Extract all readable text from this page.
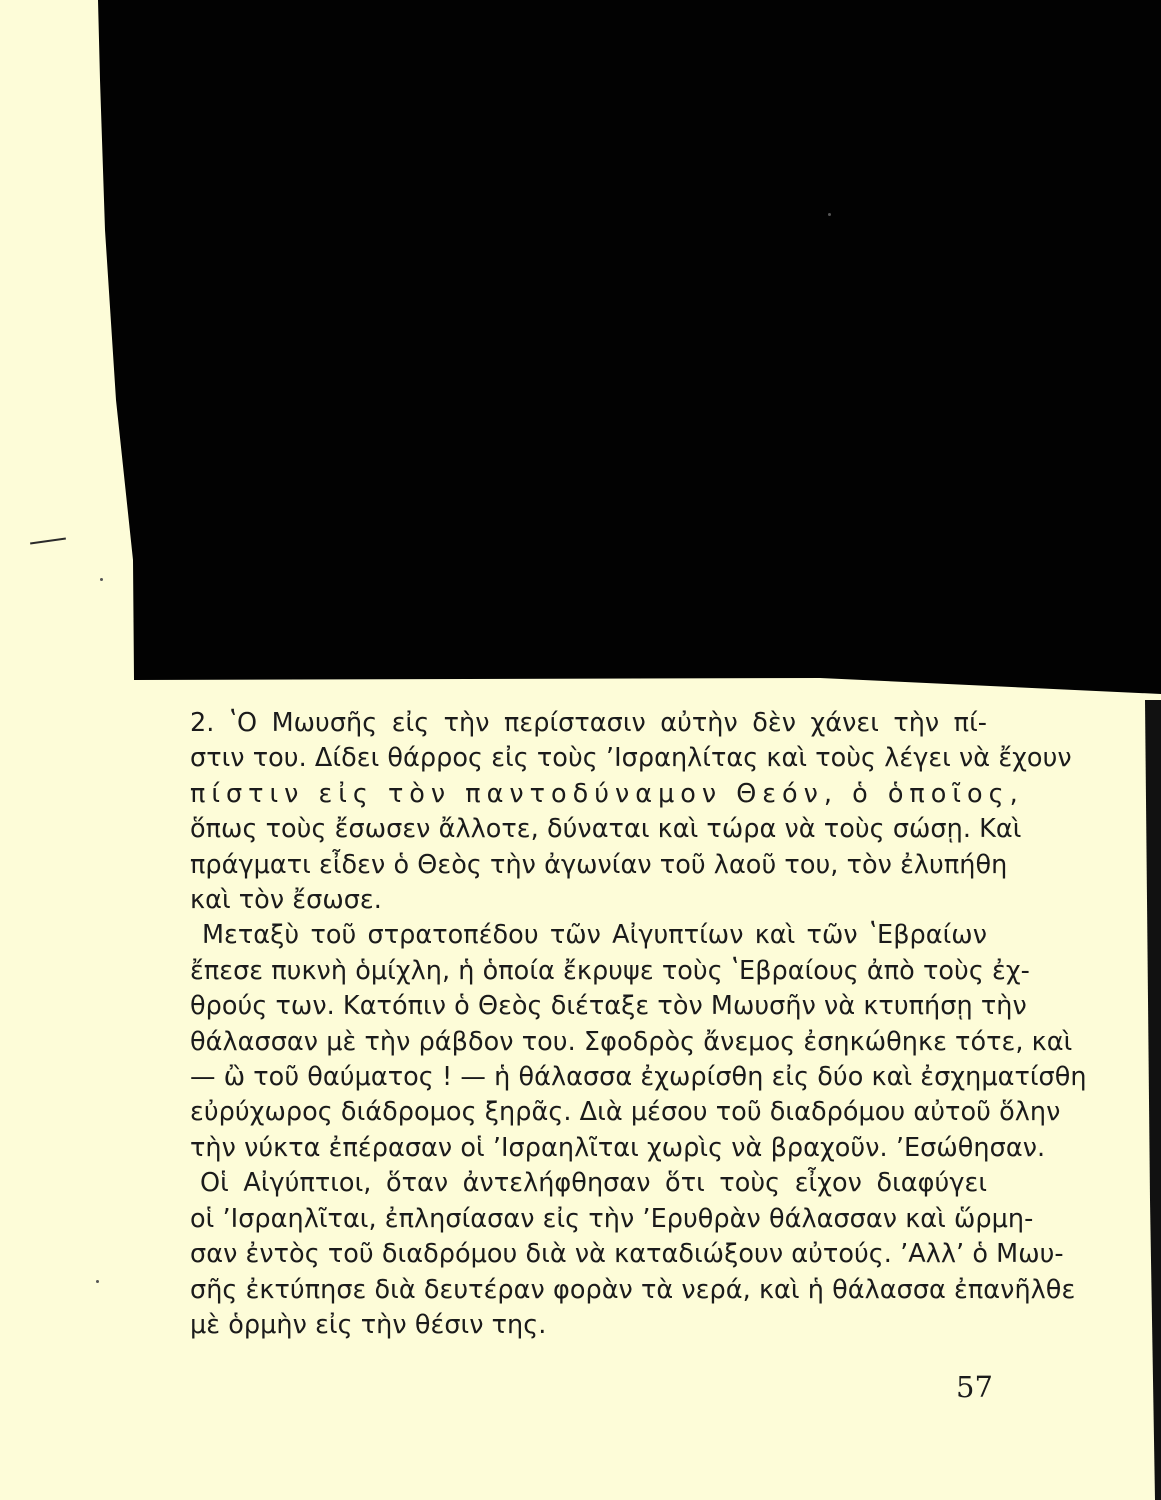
2. ʽΟ Μωυσῆς εἰς τὴν περίστασιν αὐτὴν δὲν χάνει τὴν πί-
στιν του. Δίδει θάρρος εἰς τοὺς ʼΙσραηλίτας καὶ τοὺς λέγει νὰ ἔχουν
πίστιν εἰς τὸν παντοδύναμον Θεόν, ὁ ὁποῖος,
ὅπως τοὺς ἔσωσεν ἄλλοτε, δύναται καὶ τώρα νὰ τοὺς σώσῃ. Καὶ
πράγματι εἶδεν ὁ Θεὸς τὴν ἀγωνίαν τοῦ λαοῦ του, τὸν ἐλυπήθη
καὶ τὸν ἔσωσε.

Μεταξὺ τοῦ στρατοπέδου τῶν Αἰγυπτίων καὶ τῶν ʽΕβραίων
ἔπεσε πυκνὴ ὁμίχλη, ἡ ὁποία ἔκρυψε τοὺς ʽΕβραίους ἀπὸ τοὺς ἐχ-
θρούς των. Κατόπιν ὁ Θεὸς διέταξε τὸν Μωυσῆν νὰ κτυπήσῃ τὴν
θάλασσαν μὲ τὴν ράβδον του. Σφοδρὸς ἄνεμος ἐσηκώθηκε τότε, καὶ
— ὢ τοῦ θαύματος ! — ἡ θάλασσα ἐχωρίσθη εἰς δύο καὶ ἐσχηματίσθη
εὐρύχωρος διάδρομος ξηρᾶς. Διὰ μέσου τοῦ διαδρόμου αὐτοῦ ὅλην
τὴν νύκτα ἐπέρασαν οἱ ʼΙσραηλῖται χωρὶς νὰ βραχοῦν. ʼΕσώθησαν.

Οἱ Αἰγύπτιοι, ὅταν ἀντελήφθησαν ὅτι τοὺς εἶχον διαφύγει
οἱ ʼΙσραηλῖται, ἐπλησίασαν εἰς τὴν ʼΕρυθρὰν θάλασσαν καὶ ὥρμη-
σαν ἐντὸς τοῦ διαδρόμου διὰ νὰ καταδιώξουν αὐτούς. ʼΑλλʼ ὁ Μωυ-
σῆς ἐκτύπησε διὰ δευτέραν φορὰν τὰ νερά, καὶ ἡ θάλασσα ἐπανῆλθε
μὲ ὁρμὴν εἰς τὴν θέσιν της.

57
